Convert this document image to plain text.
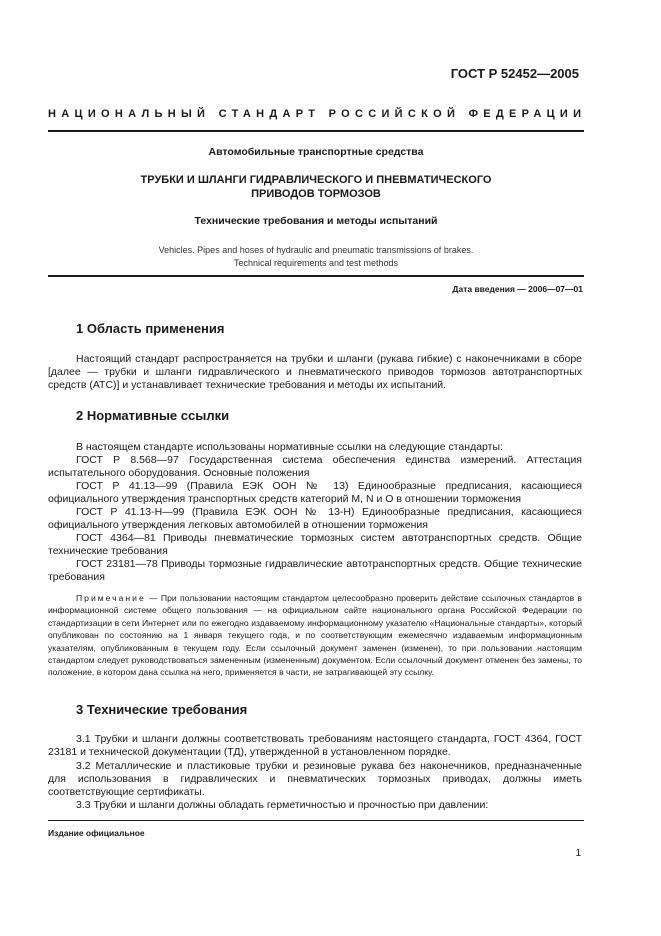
ГОСТ Р 52452—2005
НАЦИОНАЛЬНЫЙ СТАНДАРТ РОССИЙСКОЙ ФЕДЕРАЦИИ
Автомобильные транспортные средства
ТРУБКИ И ШЛАНГИ ГИДРАВЛИЧЕСКОГО И ПНЕВМАТИЧЕСКОГО
ПРИВОДОВ ТОРМОЗОВ
Технические требования и методы испытаний
Vehicles. Pipes and hoses of hydraulic and pneumatic transmissions of brakes.
Technical requirements and test methods
Дата введения — 2006—07—01
1 Область применения

Настоящий стандарт распространяется на трубки и шланги (рукава гибкие) с наконечниками в сборе [далее — трубки и шланги гидравлического и пневматического приводов тормозов автотранспортных средств (АТС)] и устанавливает технические требования и методы их испытаний.

2 Нормативные ссылки

В настоящем стандарте использованы нормативные ссылки на следующие стандарты:

ГОСТ Р 8.568—97 Государственная система обеспечения единства измерений. Аттестация испытательного оборудования. Основные положения

ГОСТ Р 41.13—99 (Правила ЕЭК ООН № 13) Единообразные предписания, касающиеся официального утверждения транспортных средств категорий М, N и О в отношении торможения

ГОСТ Р 41.13-Н—99 (Правила ЕЭК ООН № 13-Н) Единообразные предписания, касающиеся официального утверждения легковых автомобилей в отношении торможения

ГОСТ 4364—81 Приводы пневматические тормозных систем автотранспортных средств. Общие технические требования

ГОСТ 23181—78 Приводы тормозные гидравлические автотранспортных средств. Общие технические требования

Примечание — При пользовании настоящим стандартом целесообразно проверить действие ссылочных стандартов в информационной системе общего пользования — на официальном сайте национального органа Российской Федерации по стандартизации в сети Интернет или по ежегодно издаваемому информационному указателю «Национальные стандарты», который опубликован по состоянию на 1 января текущего года, и по соответствующим ежемесячно издаваемым информационным указателям, опубликованным в текущем году. Если ссылочный документ заменен (изменен), то при пользовании настоящим стандартом следует руководствоваться замененным (измененным) документом. Если ссылочный документ отменен без замены, то положение, в котором дана ссылка на него, применяется в части, не затрагивающей эту ссылку.

3 Технические требования

3.1 Трубки и шланги должны соответствовать требованиям настоящего стандарта, ГОСТ 4364, ГОСТ 23181 и технической документации (ТД), утвержденной в установленном порядке.

3.2 Металлические и пластиковые трубки и резиновые рукава без наконечников, предназначенные для использования в гидравлических и пневматических тормозных приводах, должны иметь соответствующие сертификаты.

3.3 Трубки и шланги должны обладать герметичностью и прочностью при давлении:

Издание официальное
1
